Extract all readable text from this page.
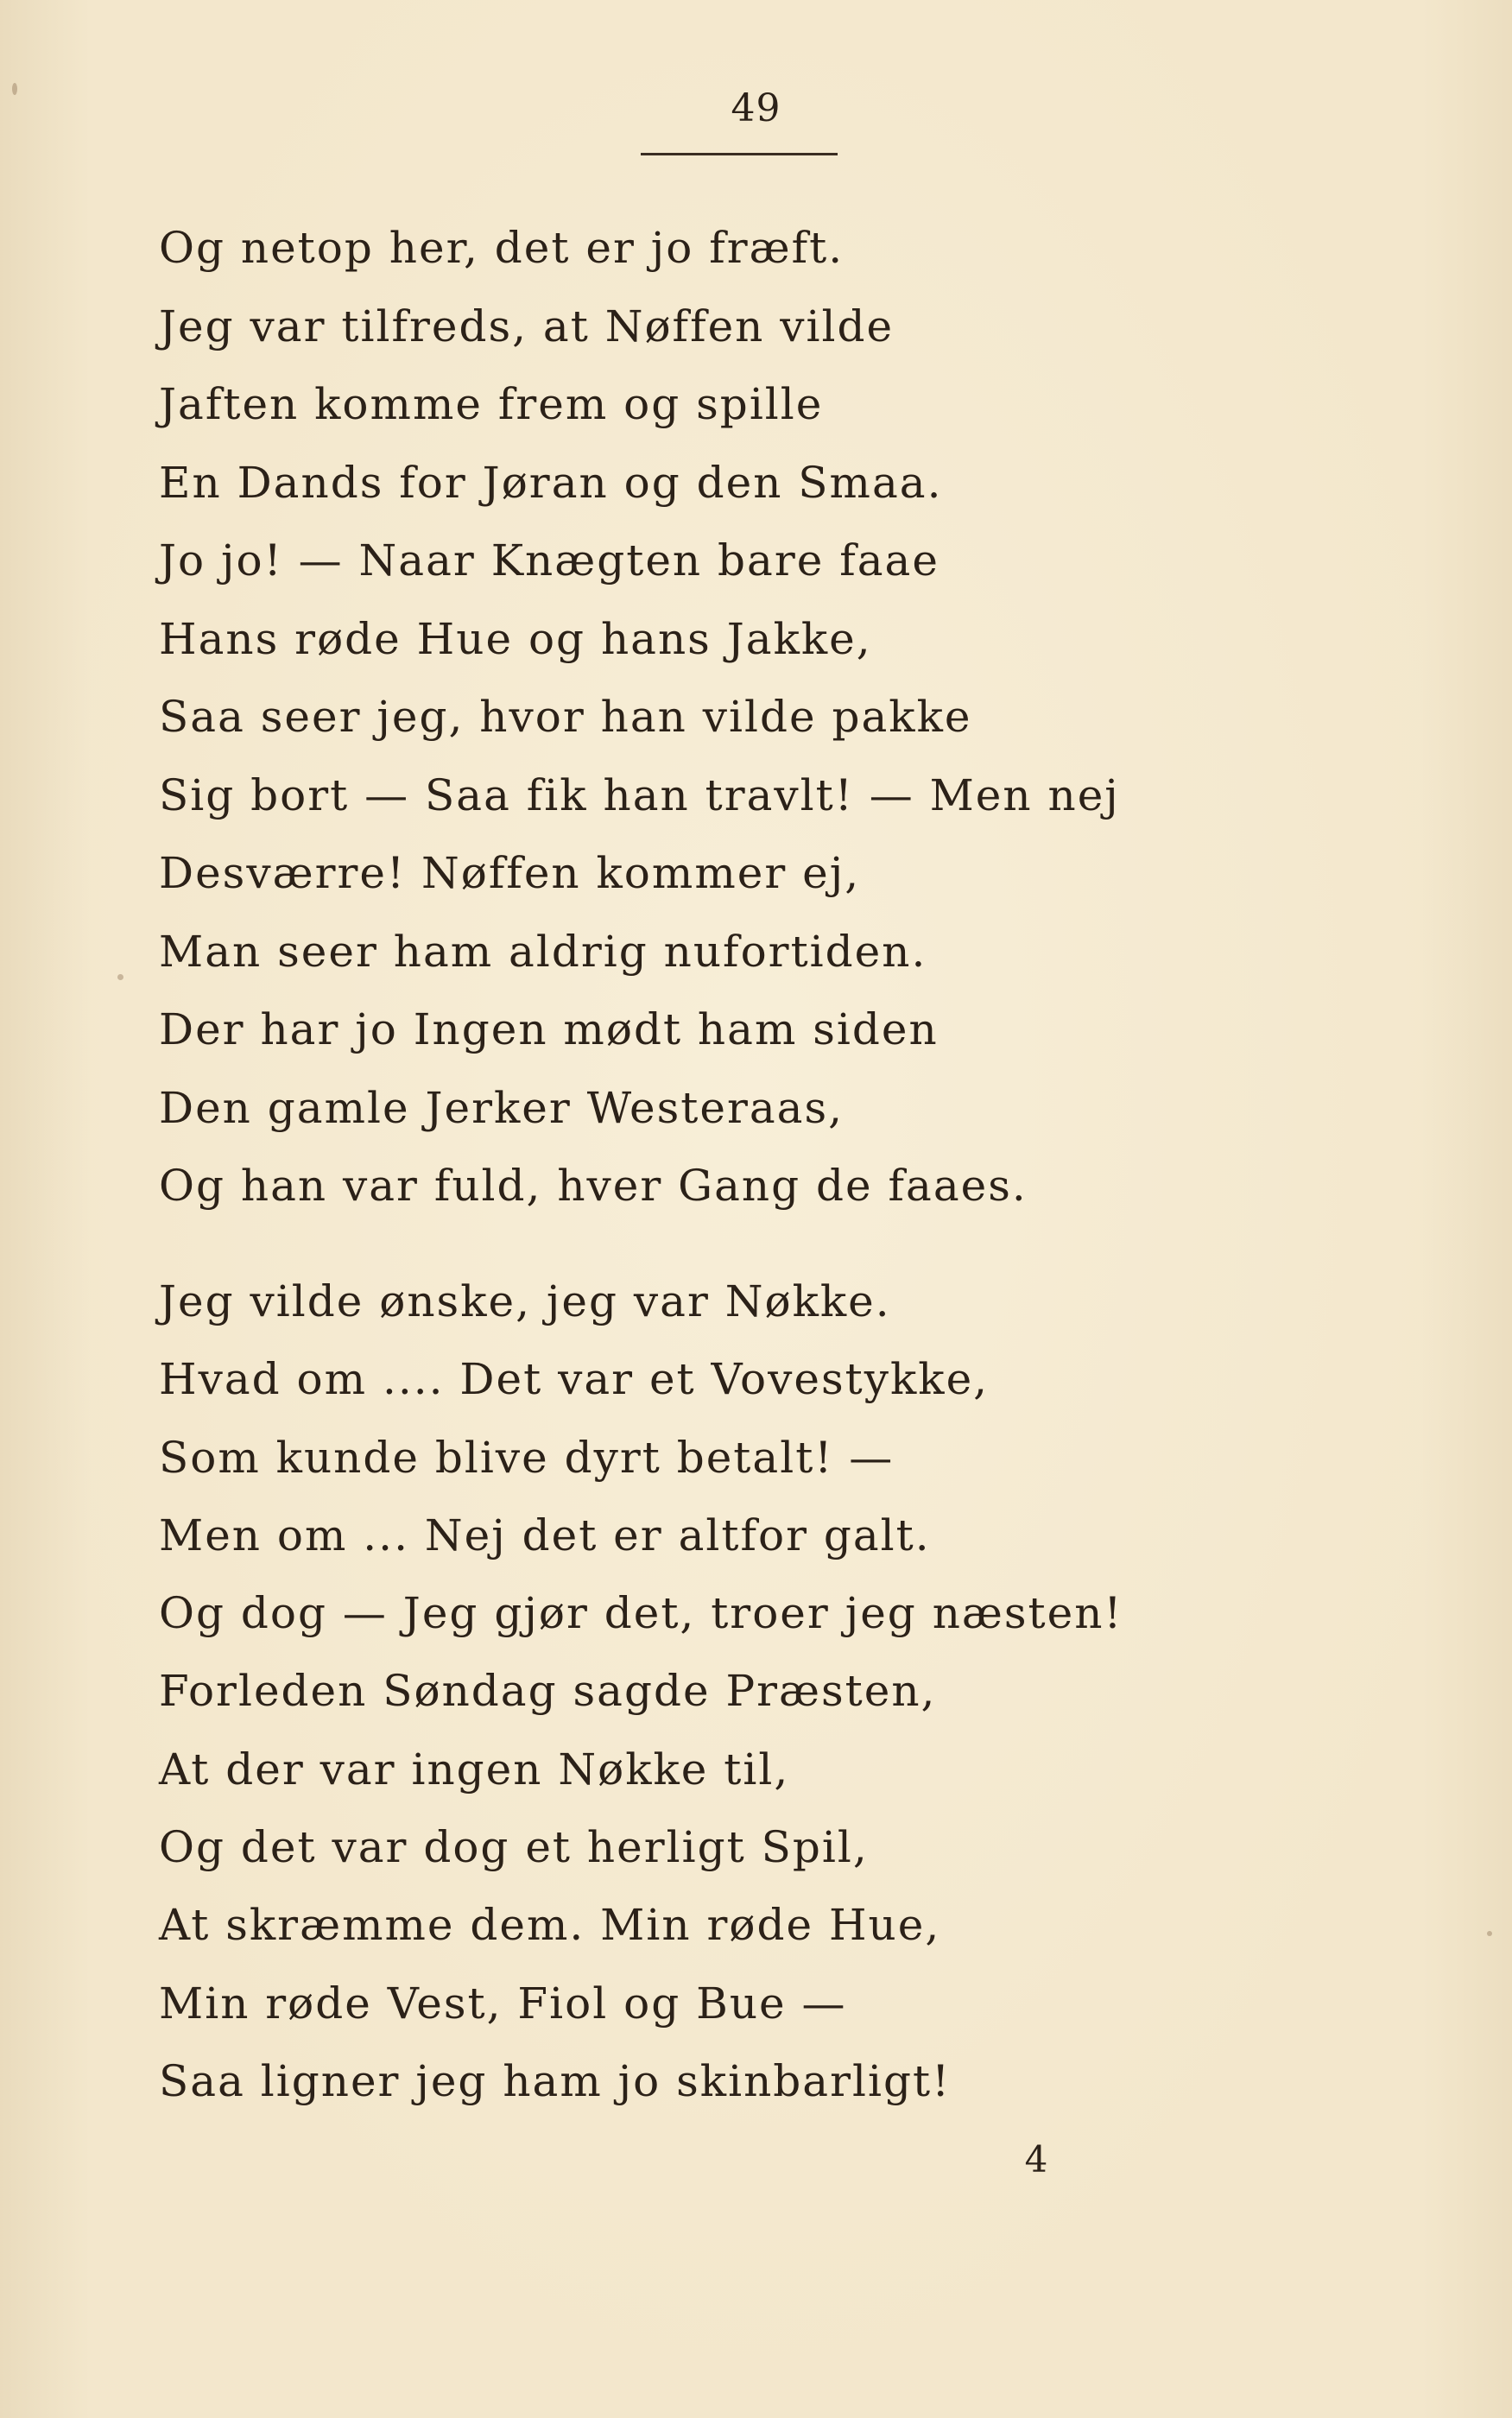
49
Og netop her, det er jo fræft.
Jeg var tilfreds, at Nøffen vilde
Jaften komme frem og spille
En Dands for Jøran og den Smaa.
Jo jo! — Naar Knægten bare faae
Hans røde Hue og hans Jakke,
Saa seer jeg, hvor han vilde pakke
Sig bort — Saa fik han travlt! — Men nej
Desværre! Nøffen kommer ej,
Man seer ham aldrig nufortiden.
Der har jo Ingen mødt ham siden
Den gamle Jerker Westeraas,
Og han var fuld, hver Gang de faaes.
Jeg vilde ønske, jeg var Nøkke.
Hvad om .... Det var et Vovestykke,
Som kunde blive dyrt betalt! —
Men om ... Nej det er altfor galt.
Og dog — Jeg gjør det, troer jeg næsten!
Forleden Søndag sagde Præsten,
At der var ingen Nøkke til,
Og det var dog et herligt Spil,
At skræmme dem. Min røde Hue,
Min røde Vest, Fiol og Bue —
Saa ligner jeg ham jo skinbarligt!
4
